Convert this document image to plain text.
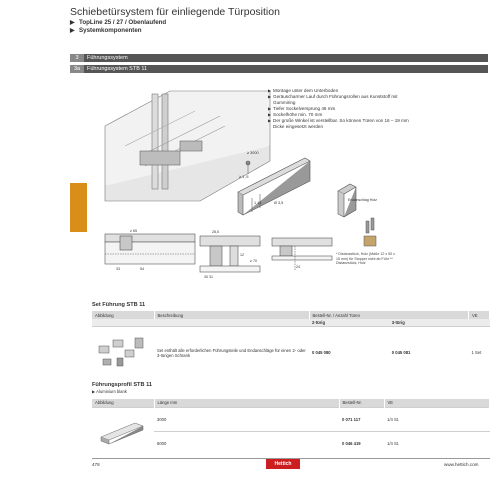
Schiebetürsystem für einliegende Türposition
▶ TopLine 25 / 27 / Obenlaufend
▶ Systemkomponenten
3 Führungssystem
3a Führungssystem STB 11
≥ 3000
≥ 1 ,5
1 13	Ø 3,5
Endanschlag Holz
≥ 65
33	54
28,5
30 31
12
≥ 70
24
▶ Montage unter dem Unterboden
▶ Geräuscharmer Lauf durch Führungsrollen aus Kunststoff mit Gummiring
▶ Tiefer Sockelversprung 46 mm
▶ Sockelhöhe min. 70 mm
▶ Der große Winkel ist verstellbar. So können Türen von 16 – 19 mm Dicke eingesetzt werden
* Distanzstück, Holz (Maße 12 x 50 x 15 mm) für Stopper nicht ab Führ ** Distanzstück, Holz
Set Führung STB 11
Abbildung	Beschreibung	Bestell-Nr. / Anzahl Türen		VE
		2-türig	3-türig	
	Set enthält alle erforderlichen Führungsteile und Endanschläge für einen 2- oder 3-türigen Schrank	0 045 080	0 045 081	1 Set
Führungsprofil STB 11
▶ Aluminium blank
Abbildung	Länge mm	Bestell-Nr.	VE
	3000	0 071 117	1/4 St.
	6000	0 046 419	1/4 St.
478	Hettich	www.hettich.com
